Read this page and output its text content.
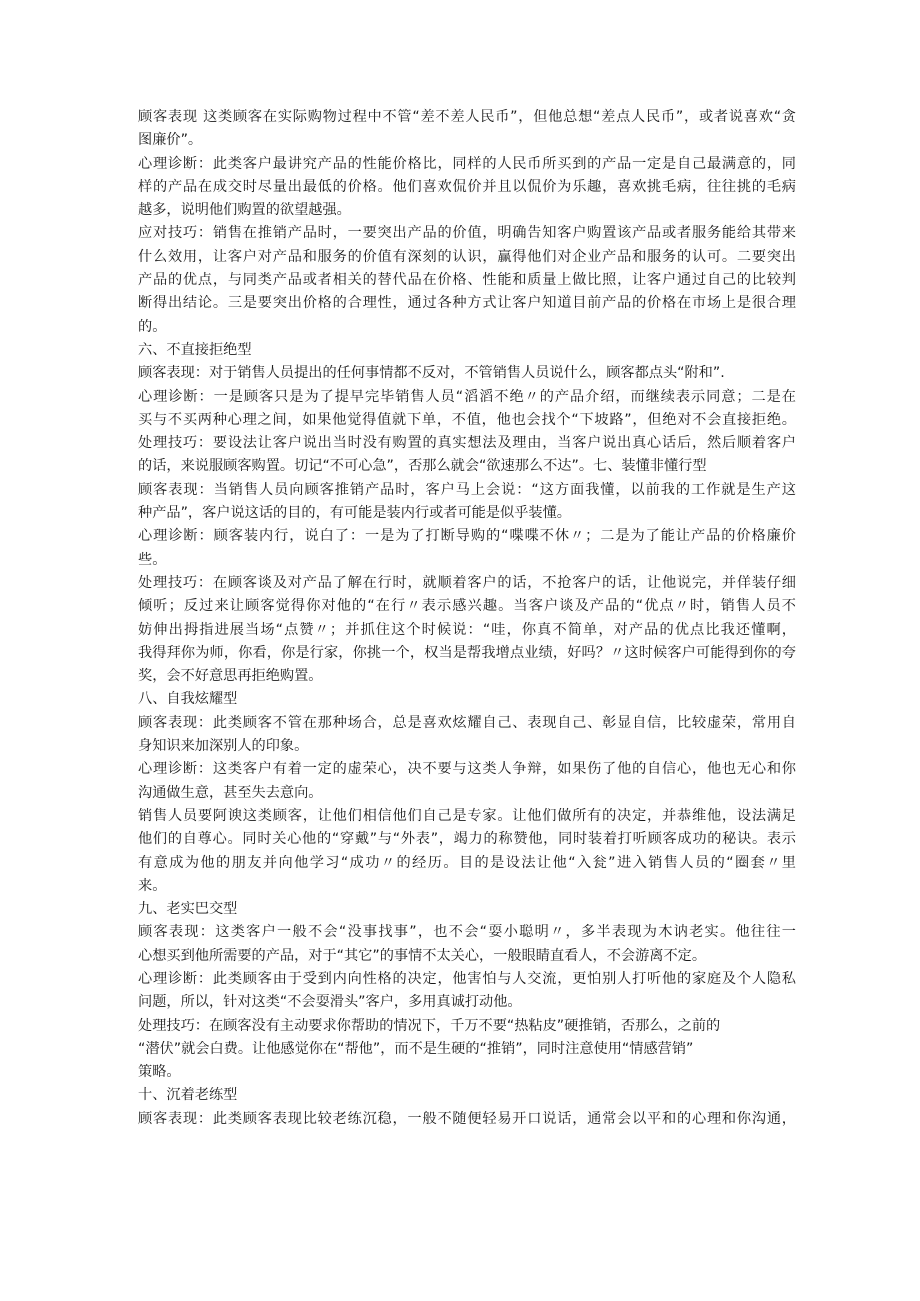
顾客表现 这类顾客在实际购物过程中不管“差不差人民币”，但他总想“差点人民币”，或者说喜欢“贪
图廉价”。
心理诊断：此类客户最讲究产品的性能价格比，同样的人民币所买到的产品一定是自己最满意的，同
样的产品在成交时尽量出最低的价格。他们喜欢侃价并且以侃价为乐趣，喜欢挑毛病，往往挑的毛病
越多，说明他们购置的欲望越强。
应对技巧：销售在推销产品时，一要突出产品的价值，明确告知客户购置该产品或者服务能给其带来
什么效用，让客户对产品和服务的价值有深刻的认识，赢得他们对企业产品和服务的认可。二要突出
产品的优点，与同类产品或者相关的替代品在价格、性能和质量上做比照，让客户通过自己的比较判
断得出结论。三是要突出价格的合理性，通过各种方式让客户知道目前产品的价格在市场上是很合理
的。
六、不直接拒绝型
顾客表现：对于销售人员提出的任何事情都不反对，不管销售人员说什么，顾客都点头“附和”.
心理诊断：一是顾客只是为了提早完毕销售人员“滔滔不绝〃的产品介绍，而继续表示同意；二是在
买与不买两种心理之间，如果他觉得值就下单，不值，他也会找个“下坡路”，但绝对不会直接拒绝。
处理技巧：要设法让客户说出当时没有购置的真实想法及理由，当客户说出真心话后，然后顺着客户
的话，来说服顾客购置。切记“不可心急”，否那么就会“欲速那么不达”。七、装懂非懂行型
顾客表现：当销售人员向顾客推销产品时，客户马上会说：“这方面我懂，以前我的工作就是生产这
种产品”，客户说这话的目的，有可能是装内行或者可能是似乎装懂。
心理诊断：顾客装内行，说白了：一是为了打断导购的“喋喋不休〃；二是为了能让产品的价格廉价
些。
处理技巧：在顾客谈及对产品了解在行时，就顺着客户的话，不抢客户的话，让他说完，并佯装仔细
倾听；反过来让顾客觉得你对他的“在行〃表示感兴趣。当客户谈及产品的“优点〃时，销售人员不
妨伸出拇指进展当场“点赞〃；并抓住这个时候说：“哇，你真不简单，对产品的优点比我还懂啊，
我得拜你为师，你看，你是行家，你挑一个，权当是帮我增点业绩，好吗？〃这时候客户可能得到你的夸
奖，会不好意思再拒绝购置。
八、自我炫耀型
顾客表现：此类顾客不管在那种场合，总是喜欢炫耀自己、表现自己、彰显自信，比较虚荣，常用自
身知识来加深别人的印象。
心理诊断：这类客户有着一定的虚荣心，决不要与这类人争辩，如果伤了他的自信心，他也无心和你
沟通做生意，甚至失去意向。
销售人员要阿谀这类顾客，让他们相信他们自己是专家。让他们做所有的决定，并恭维他，设法满足
他们的自尊心。同时关心他的“穿戴”与“外表”，竭力的称赞他，同时装着打听顾客成功的秘诀。表示
有意成为他的朋友并向他学习“成功〃的经历。目的是设法让他“入瓮”进入销售人员的“圈套〃里
来。
九、老实巴交型
顾客表现：这类客户一般不会“没事找事”，也不会“耍小聪明〃，多半表现为木讷老实。他往往一
心想买到他所需要的产品，对于“其它”的事情不太关心，一般眼睛直看人，不会游离不定。
心理诊断：此类顾客由于受到内向性格的决定，他害怕与人交流，更怕别人打听他的家庭及个人隐私
问题，所以，针对这类“不会耍滑头”客户，多用真诚打动他。
处理技巧：在顾客没有主动要求你帮助的情况下，千万不要“热粘皮”硬推销，否那么，之前的
“潜伏”就会白费。让他感觉你在“帮他”，而不是生硬的“推销”，同时注意使用“情感营销”
策略。
十、沉着老练型
顾客表现：此类顾客表现比较老练沉稳，一般不随便轻易开口说话，通常会以平和的心理和你沟通，
